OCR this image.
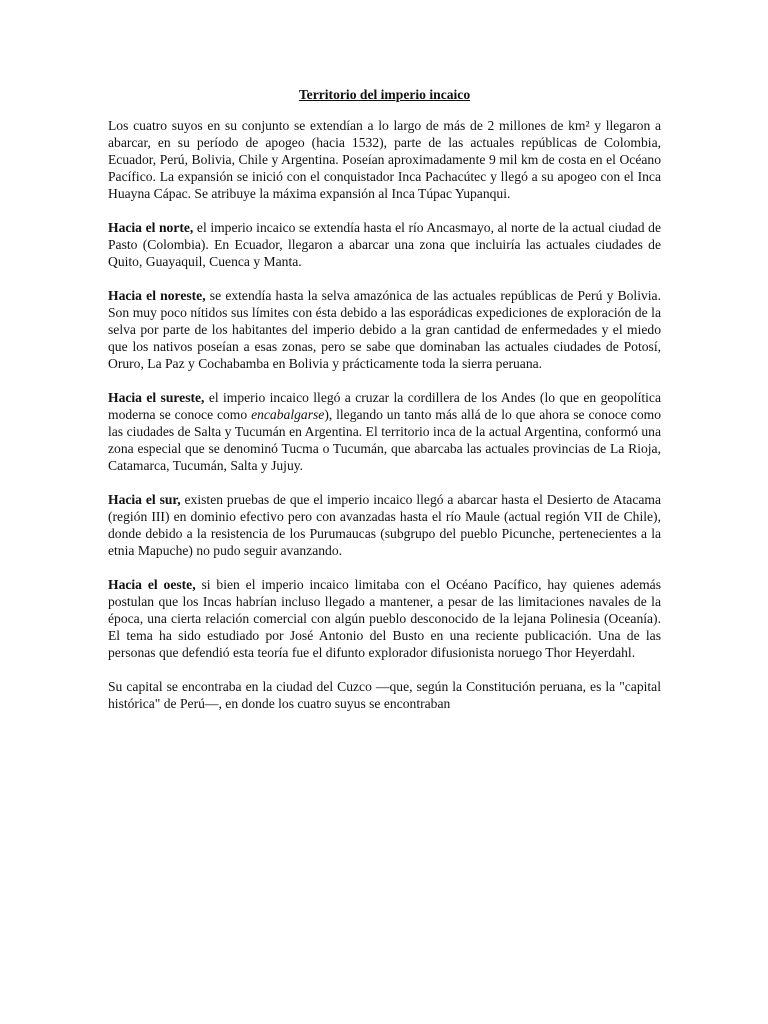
Territorio del imperio incaico

Los cuatro suyos en su conjunto se extendían a lo largo de más de 2 millones de km² y llegaron a abarcar, en su período de apogeo (hacia 1532), parte de las actuales repúblicas de Colombia, Ecuador, Perú, Bolivia, Chile y Argentina. Poseían aproximadamente 9 mil km de costa en el Océano Pacífico. La expansión se inició con el conquistador Inca Pachacútec y llegó a su apogeo con el Inca Huayna Cápac. Se atribuye la máxima expansión al Inca Túpac Yupanqui.

Hacia el norte, el imperio incaico se extendía hasta el río Ancasmayo, al norte de la actual ciudad de Pasto (Colombia). En Ecuador, llegaron a abarcar una zona que incluiría las actuales ciudades de Quito, Guayaquil, Cuenca y Manta.

Hacia el noreste, se extendía hasta la selva amazónica de las actuales repúblicas de Perú y Bolivia. Son muy poco nítidos sus límites con ésta debido a las esporádicas expediciones de exploración de la selva por parte de los habitantes del imperio debido a la gran cantidad de enfermedades y el miedo que los nativos poseían a esas zonas, pero se sabe que dominaban las actuales ciudades de Potosí, Oruro, La Paz y Cochabamba en Bolivia y prácticamente toda la sierra peruana.

Hacia el sureste, el imperio incaico llegó a cruzar la cordillera de los Andes (lo que en geopolítica moderna se conoce como encabalgarse), llegando un tanto más allá de lo que ahora se conoce como las ciudades de Salta y Tucumán en Argentina. El territorio inca de la actual Argentina, conformó una zona especial que se denominó Tucma o Tucumán, que abarcaba las actuales provincias de La Rioja, Catamarca, Tucumán, Salta y Jujuy.

Hacia el sur, existen pruebas de que el imperio incaico llegó a abarcar hasta el Desierto de Atacama (región III) en dominio efectivo pero con avanzadas hasta el río Maule (actual región VII de Chile), donde debido a la resistencia de los Purumaucas (subgrupo del pueblo Picunche, pertenecientes a la etnia Mapuche) no pudo seguir avanzando.

Hacia el oeste, si bien el imperio incaico limitaba con el Océano Pacífico, hay quienes además postulan que los Incas habrían incluso llegado a mantener, a pesar de las limitaciones navales de la época, una cierta relación comercial con algún pueblo desconocido de la lejana Polinesia (Oceanía). El tema ha sido estudiado por José Antonio del Busto en una reciente publicación. Una de las personas que defendió esta teoría fue el difunto explorador difusionista noruego Thor Heyerdahl.

Su capital se encontraba en la ciudad del Cuzco —que, según la Constitución peruana, es la "capital histórica" de Perú—, en donde los cuatro suyus se encontraban
